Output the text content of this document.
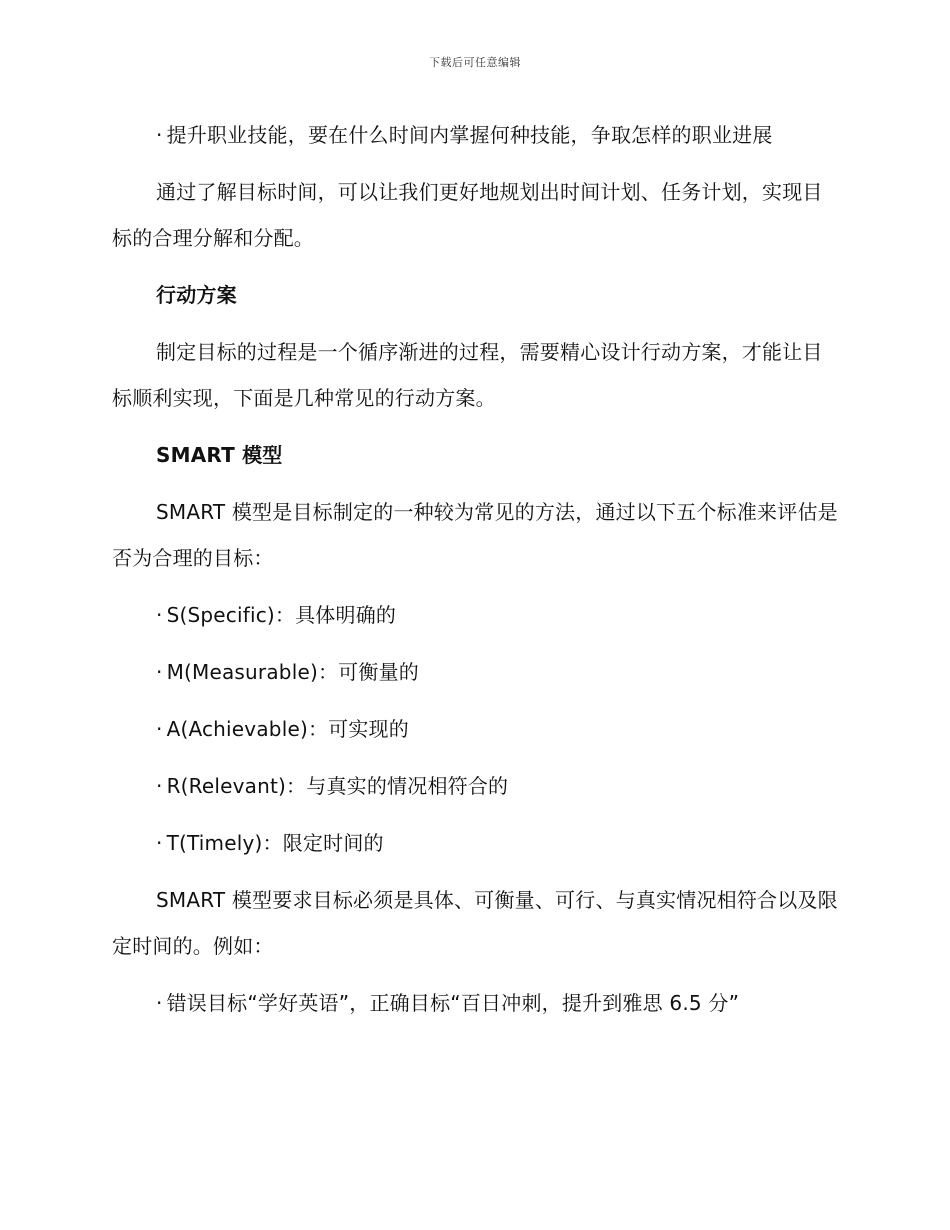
下载后可任意编辑

· 提升职业技能，要在什么时间内掌握何种技能，争取怎样的职业进展

通过了解目标时间，可以让我们更好地规划出时间计划、任务计划，实现目标的合理分解和分配。

行动方案

制定目标的过程是一个循序渐进的过程，需要精心设计行动方案，才能让目标顺利实现，下面是几种常见的行动方案。

SMART 模型

SMART 模型是目标制定的一种较为常见的方法，通过以下五个标准来评估是否为合理的目标：

· S(Specific)：具体明确的

· M(Measurable)：可衡量的

· A(Achievable)：可实现的

· R(Relevant)：与真实的情况相符合的

· T(Timely)：限定时间的

SMART 模型要求目标必须是具体、可衡量、可行、与真实情况相符合以及限定时间的。例如：

· 错误目标“学好英语”，正确目标“百日冲刺，提升到雅思 6.5 分”
